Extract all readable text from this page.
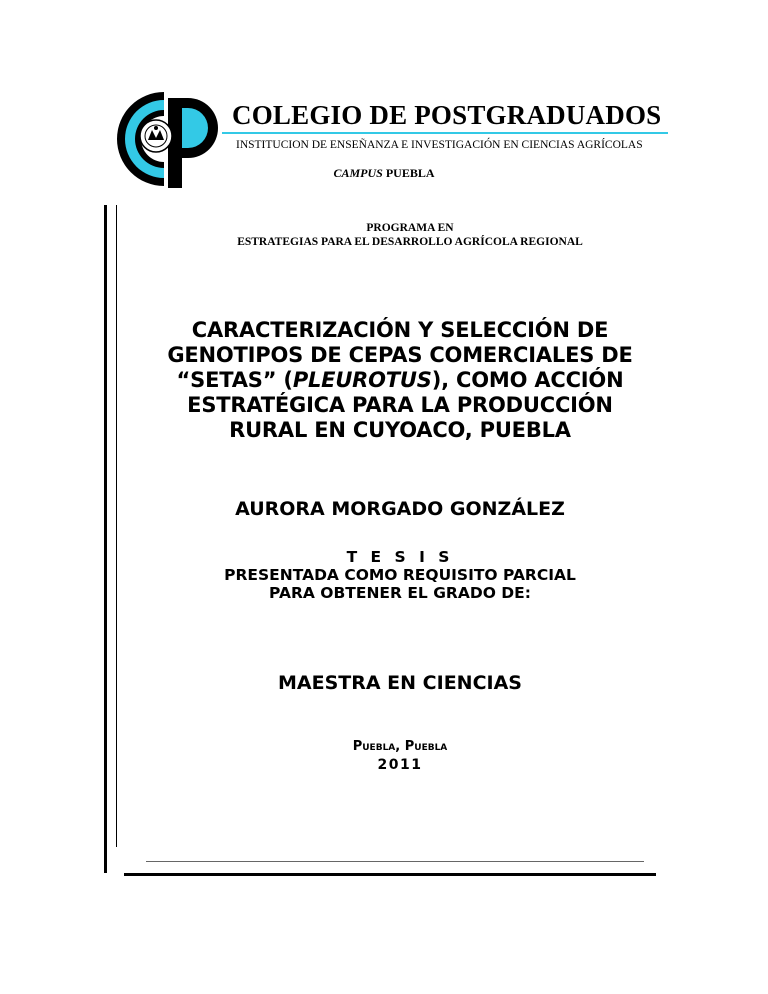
COLEGIO DE POSTGRADUADOS
INSTITUCION DE ENSEÑANZA E INVESTIGACIÓN EN CIENCIAS AGRÍCOLAS
CAMPUS PUEBLA
PROGRAMA EN
ESTRATEGIAS PARA EL DESARROLLO AGRÍCOLA REGIONAL
CARACTERIZACIÓN Y SELECCIÓN DE
GENOTIPOS DE CEPAS COMERCIALES DE
“SETAS” (PLEUROTUS), COMO ACCIÓN
ESTRATÉGICA PARA LA PRODUCCIÓN
RURAL EN CUYOACO, PUEBLA
AURORA MORGADO GONZÁLEZ
T E S I S
PRESENTADA COMO REQUISITO PARCIAL
PARA OBTENER EL GRADO DE:
MAESTRA EN CIENCIAS
Puebla, Puebla
2011
